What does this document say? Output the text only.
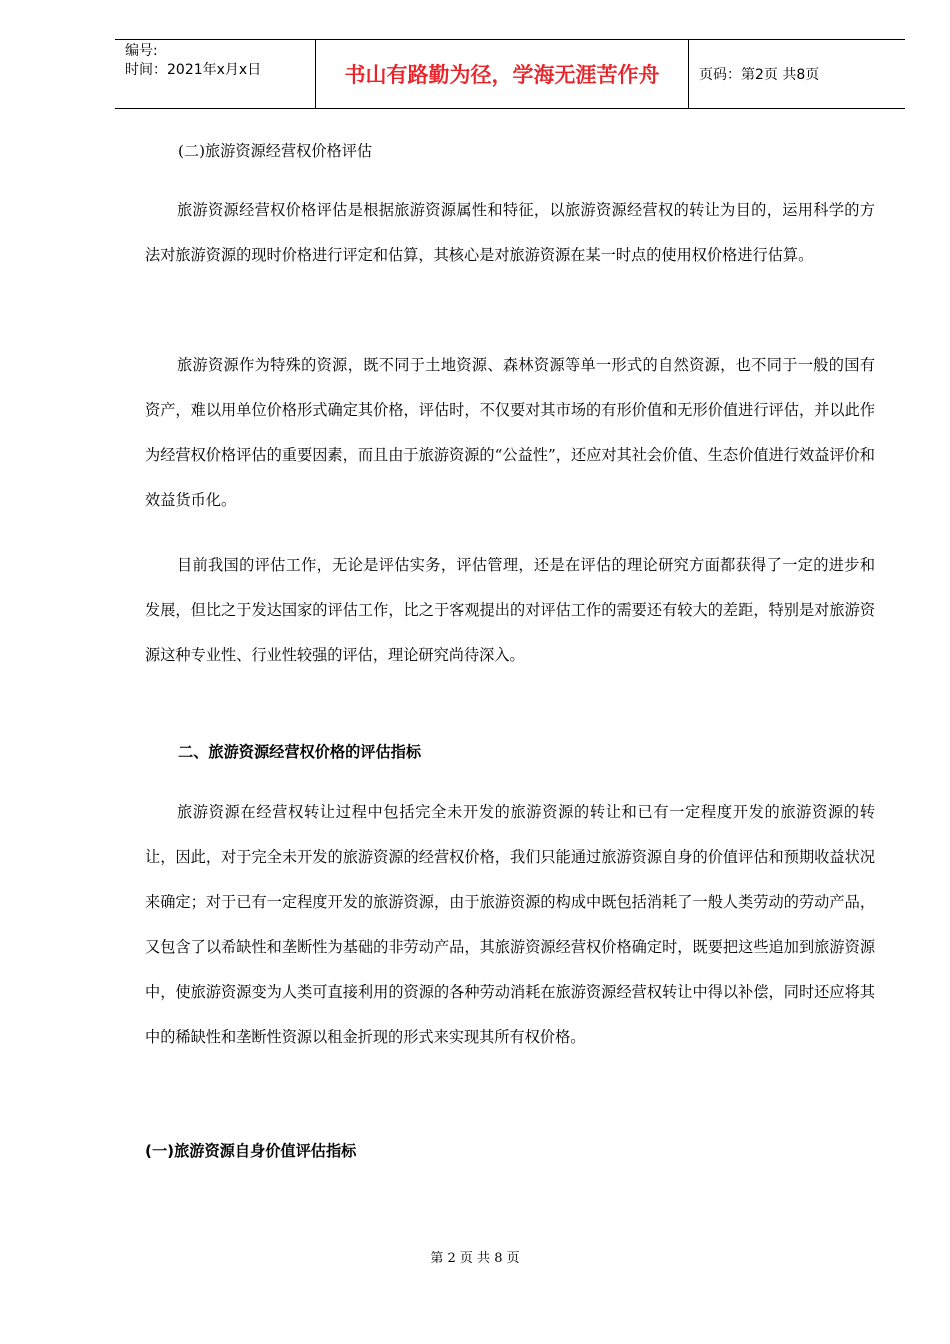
编号:
时间：2021年x月x日	书山有路勤为径，学海无涯苦作舟	页码：第2页 共8页
(二)旅游资源经营权价格评估

旅游资源经营权价格评估是根据旅游资源属性和特征，以旅游资源经营权的转让为目的，运用科学的方法对旅游资源的现时价格进行评定和估算，其核心是对旅游资源在某一时点的使用权价格进行估算。

旅游资源作为特殊的资源，既不同于土地资源、森林资源等单一形式的自然资源，也不同于一般的国有资产，难以用单位价格形式确定其价格，评估时，不仅要对其市场的有形价值和无形价值进行评估，并以此作为经营权价格评估的重要因素，而且由于旅游资源的“公益性”，还应对其社会价值、生态价值进行效益评价和效益货币化。

目前我国的评估工作，无论是评估实务，评估管理，还是在评估的理论研究方面都获得了一定的进步和发展，但比之于发达国家的评估工作，比之于客观提出的对评估工作的需要还有较大的差距，特别是对旅游资源这种专业性、行业性较强的评估，理论研究尚待深入。

二、旅游资源经营权价格的评估指标

旅游资源在经营权转让过程中包括完全未开发的旅游资源的转让和已有一定程度开发的旅游资源的转让，因此，对于完全未开发的旅游资源的经营权价格，我们只能通过旅游资源自身的价值评估和预期收益状况来确定；对于已有一定程度开发的旅游资源，由于旅游资源的构成中既包括消耗了一般人类劳动的劳动产品，又包含了以希缺性和垄断性为基础的非劳动产品，其旅游资源经营权价格确定时，既要把这些追加到旅游资源中，使旅游资源变为人类可直接利用的资源的各种劳动消耗在旅游资源经营权转让中得以补偿，同时还应将其中的稀缺性和垄断性资源以租金折现的形式来实现其所有权价格。

(一)旅游资源自身价值评估指标
第 2 页 共 8 页
